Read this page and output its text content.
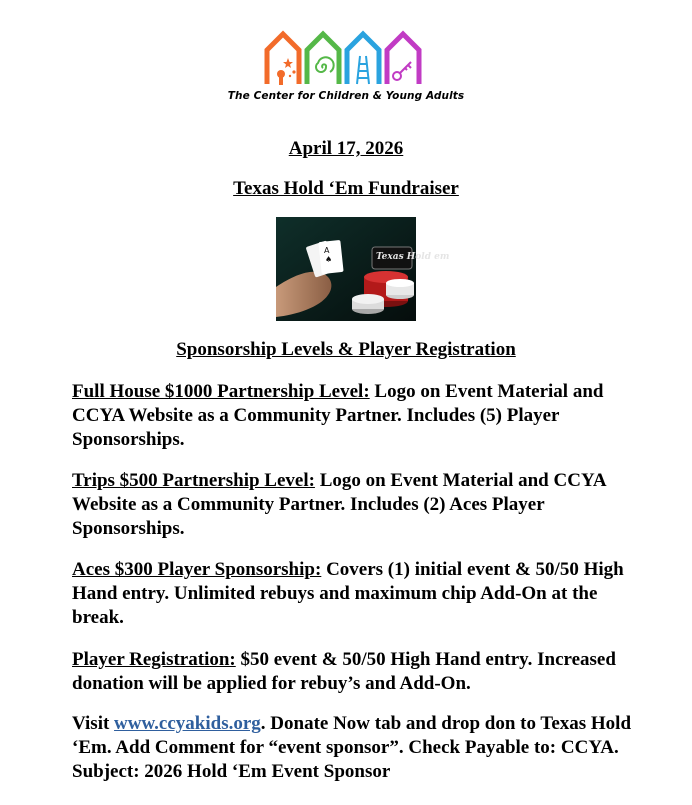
The Center for Children & Young Adults
April 17, 2026
Texas Hold ‘Em Fundraiser
A
♠	Texas Hold em
Sponsorship Levels & Player Registration

Full House $1000 Partnership Level: Logo on Event Material and CCYA Website as a Community Partner. Includes (5) Player Sponsorships.

Trips $500 Partnership Level: Logo on Event Material and CCYA Website as a Community Partner. Includes (2) Aces Player Sponsorships.

Aces $300 Player Sponsorship: Covers (1) initial event & 50/50 High Hand entry. Unlimited rebuys and maximum chip Add-On at the break.

Player Registration: $50 event & 50/50 High Hand entry. Increased donation will be applied for rebuy’s and Add-On.

Visit www.ccyakids.org. Donate Now tab and drop don to Texas Hold ‘Em. Add Comment for “event sponsor”. Check Payable to: CCYA. Subject: 2026 Hold ‘Em Event Sponsor
